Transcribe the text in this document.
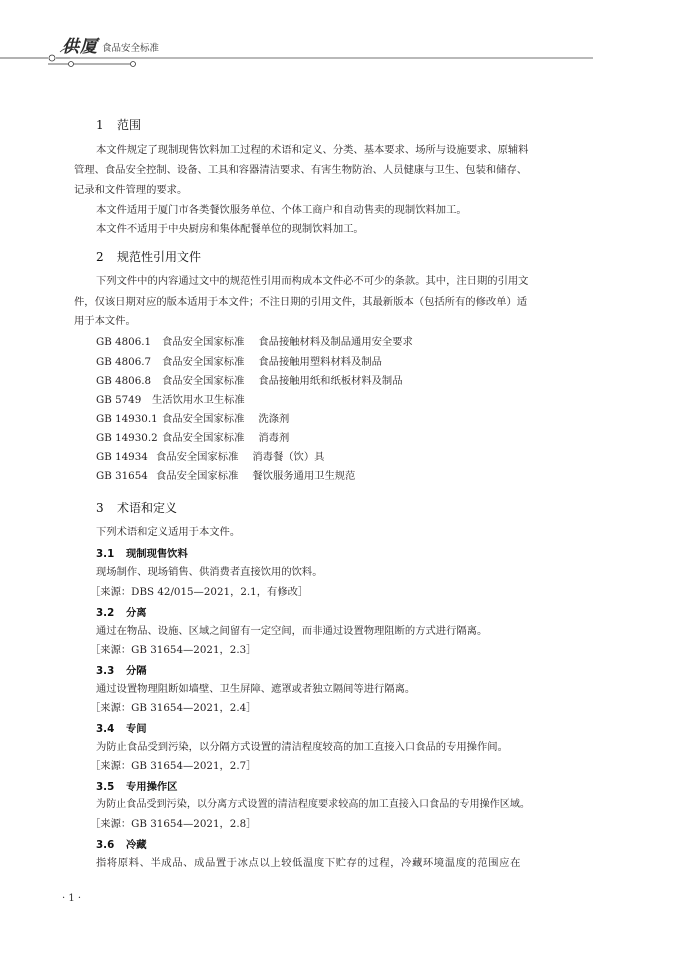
供厦 食品安全标准
1 范围
本文件规定了现制现售饮料加工过程的术语和定义、分类、基本要求、场所与设施要求、原辅料
管理、食品安全控制、设备、工具和容器清洁要求、有害生物防治、人员健康与卫生、包装和储存、
记录和文件管理的要求。
本文件适用于厦门市各类餐饮服务单位、个体工商户和自动售卖的现制饮料加工。
本文件不适用于中央厨房和集体配餐单位的现制饮料加工。
2 规范性引用文件
下列文件中的内容通过文中的规范性引用而构成本文件必不可少的条款。其中，注日期的引用文
件，仅该日期对应的版本适用于本文件；不注日期的引用文件，其最新版本（包括所有的修改单）适
用于本文件。
GB 4806.1 食品安全国家标准 食品接触材料及制品通用安全要求
GB 4806.7 食品安全国家标准 食品接触用塑料材料及制品
GB 4806.8 食品安全国家标准 食品接触用纸和纸板材料及制品
GB 5749 生活饮用水卫生标准
GB 14930.1 食品安全国家标准 洗涤剂
GB 14930.2 食品安全国家标准 消毒剂
GB 14934 食品安全国家标准 消毒餐（饮）具
GB 31654 食品安全国家标准 餐饮服务通用卫生规范
3 术语和定义
下列术语和定义适用于本文件。
3.1 现制现售饮料
现场制作、现场销售、供消费者直接饮用的饮料。
［来源：DBS 42/015—2021，2.1，有修改］
3.2 分离
通过在物品、设施、区域之间留有一定空间，而非通过设置物理阻断的方式进行隔离。
［来源：GB 31654—2021，2.3］
3.3 分隔
通过设置物理阻断如墙壁、卫生屏障、遮罩或者独立隔间等进行隔离。
［来源：GB 31654—2021，2.4］
3.4 专间
为防止食品受到污染，以分隔方式设置的清洁程度较高的加工直接入口食品的专用操作间。
［来源：GB 31654—2021，2.7］
3.5 专用操作区
为防止食品受到污染，以分离方式设置的清洁程度要求较高的加工直接入口食品的专用操作区域。
［来源：GB 31654—2021，2.8］
3.6 冷藏
指将原料、半成品、成品置于冰点以上较低温度下贮存的过程，冷藏环境温度的范围应在
· 1 ·
